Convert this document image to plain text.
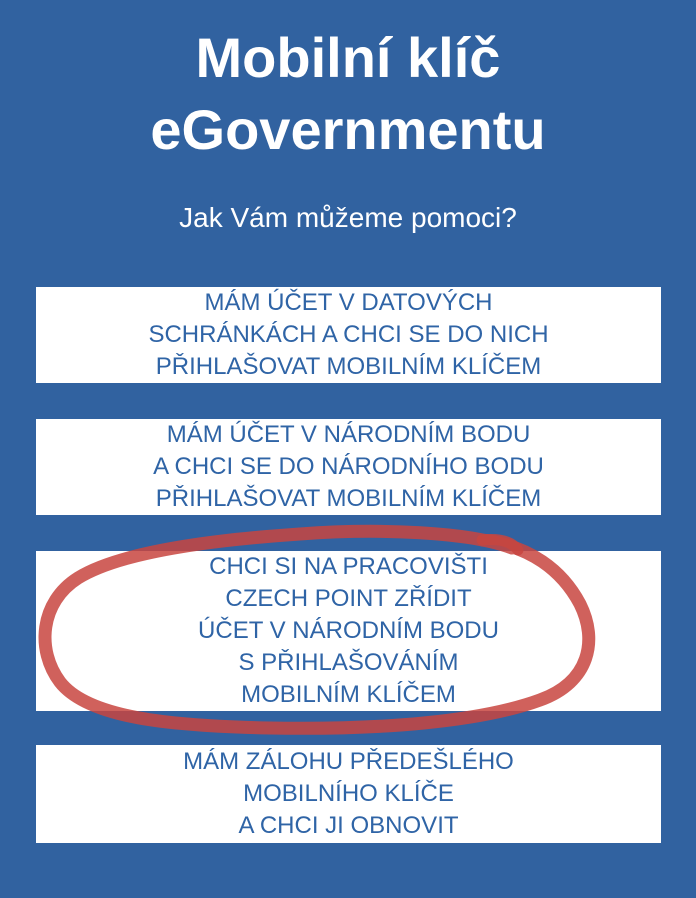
Mobilní klíč
eGovernmentu
Jak Vám můžeme pomoci?
MÁM ÚČET V DATOVÝCH
SCHRÁNKÁCH A CHCI SE DO NICH
PŘIHLAŠOVAT MOBILNÍM KLÍČEM
MÁM ÚČET V NÁRODNÍM BODU
A CHCI SE DO NÁRODNÍHO BODU
PŘIHLAŠOVAT MOBILNÍM KLÍČEM
CHCI SI NA PRACOVIŠTI
CZECH POINT ZŘÍDIT
ÚČET V NÁRODNÍM BODU
S PŘIHLAŠOVÁNÍM
MOBILNÍM KLÍČEM
MÁM ZÁLOHU PŘEDEŠLÉHO
MOBILNÍHO KLÍČE
A CHCI JI OBNOVIT
